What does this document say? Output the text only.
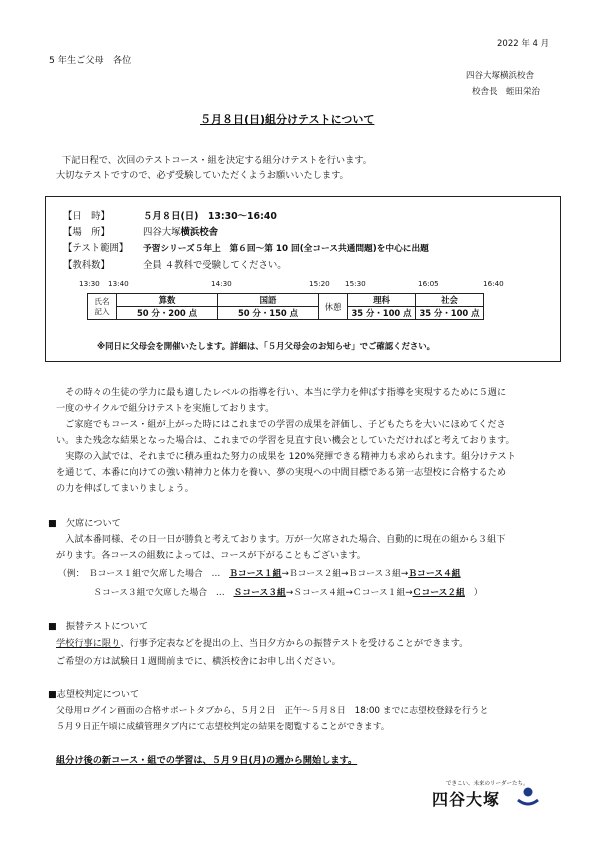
2022 年 4 月
5 年生ご父母　各位
四谷大塚横浜校舎
校舎長　蛭田栄治
５月８日(日)組分けテストについて
下記日程で、次回のテストコース・組を決定する組分けテストを行います。
大切なテストですので、必ず受験していただくようお願いいたします。
【日　時】	５月８日(日)　13:30〜16:40
【場　所】	四谷大塚横浜校舎
【テスト範囲】 予習シリーズ５年上　第６回〜第 10 回(全コース共通問題)を中心に出題
【教科数】	全員 ４教科で受験してください。
13:30 13:40	14:30	15:20 15:30	16:05	16:40
氏名
記入	算数	国語	休憩	理科	社会
	50 分・200 点	50 分・150 点		35 分・100 点	35 分・100 点
※同日に父母会を開催いたします。詳細は、「５月父母会のお知らせ」でご確認ください。
　その時々の生徒の学力に最も適したレベルの指導を行い、本当に学力を伸ばす指導を実現するために５週に
一度のサイクルで組分けテストを実施しております。
　ご家庭でもコース・組が上がった時にはこれまでの学習の成果を評価し、子どもたちを大いにほめてくださ
い。また残念な結果となった場合は、これまでの学習を見直す良い機会としていただければと考えております。
　実際の入試では、それまでに積み重ねた努力の成果を 120%発揮できる精神力も求められます。組分けテスト
を通じて、本番に向けての強い精神力と体力を養い、夢の実現への中間目標である第一志望校に合格するため
の力を伸ばしてまいりましょう。
■　欠席について
　入試本番同様、その日一日が勝負と考えております。万が一欠席された場合、自動的に現在の組から３組下
がります。各コースの組数によっては、コースが下がることもございます。
（例：　Ｂコース１組で欠席した場合　…　Ｂコース１組→Ｂコース２組→Ｂコース３組→Ｂコース４組
　　　　Ｓコース３組で欠席した場合　…　Ｓコース３組→Ｓコース４組→Ｃコース１組→Ｃコース２組　）
■　振替テストについて
学校行事に限り、行事予定表などを提出の上、当日夕方からの振替テストを受けることができます。
ご希望の方は試験日１週間前までに、横浜校舎にお申し出ください。
■志望校判定について
父母用ログイン画面の合格サポートタブから、５月２日　正午〜５月８日　18:00 までに志望校登録を行うと
５月９日正午頃に成績管理タブ内にて志望校判定の結果を閲覧することができます。
組分け後の新コース・組での学習は、５月９日(月)の週から開始します。
できこい、未来のリーダーたち。
四谷大塚
